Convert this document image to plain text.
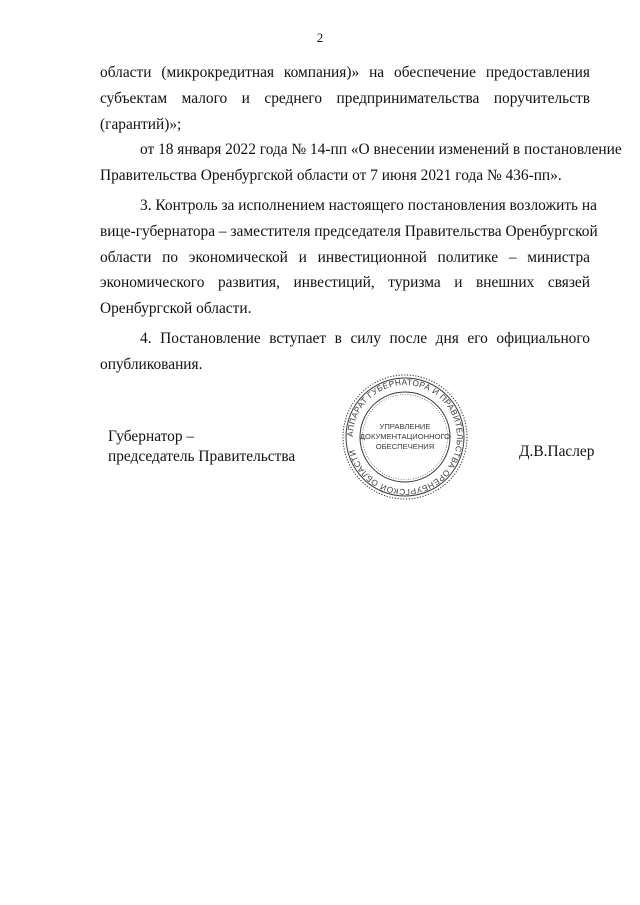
2

области (микрокредитная компания)» на обеспечение предоставления
субъектам малого и среднего предпринимательства поручительств
(гарантий)»;

от 18 января 2022 года № 14-пп «О внесении изменений в постановление
Правительства Оренбургской области от 7 июня 2021 года № 436-пп».

3. Контроль за исполнением настоящего постановления возложить на
вице-губернатора – заместителя председателя Правительства Оренбургской
области по экономической и инвестиционной политике – министра
экономического развития, инвестиций, туризма и внешних связей
Оренбургской области.

4. Постановление вступает в силу после дня его официального
опубликования.

Губернатор –
председатель Правительства
АППАРАТ ГУБЕРНАТОРА И ПРАВИТЕЛЬСТВА ОРЕНБУРГСКОЙ ОБЛАСТИ
УПРАВЛЕНИЕ
ДОКУМЕНТАЦИОННОГО
ОБЕСПЕЧЕНИЯ	Д.В.Паслер
